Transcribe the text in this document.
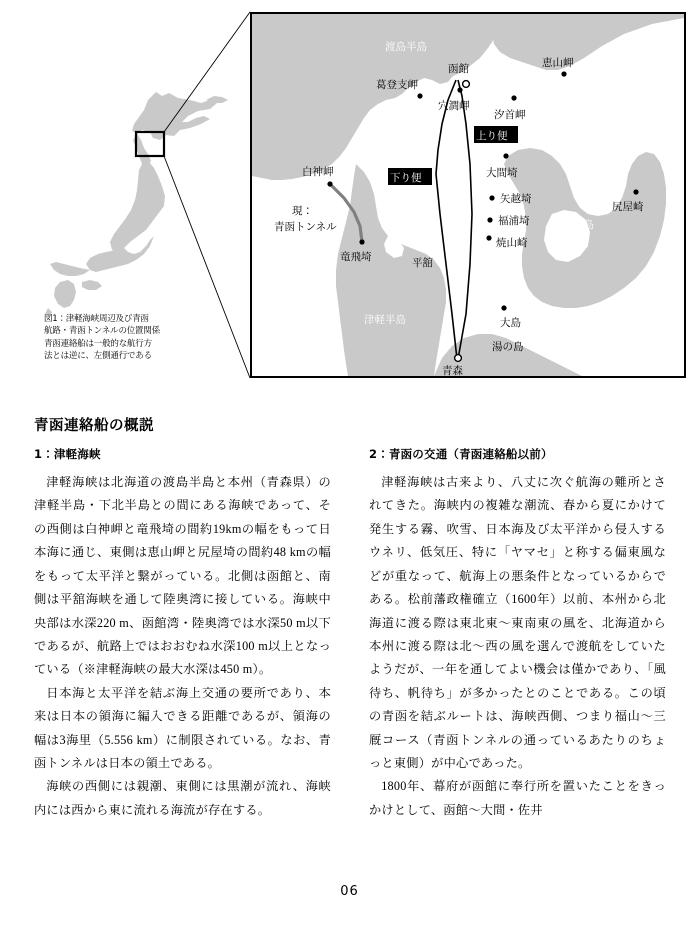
渡島半島
下北半島
津軽半島
葛登支岬
穴澗岬
汐首岬
恵山岬
白神岬
竜飛埼	平舘
大間埼
矢越埼
福浦埼
焼山崎
尻屋崎
大島
湯の島
函館
青森
現：
青函トンネル
上り便
下り便
図1：津軽海峡周辺及び青函
航路・青函トンネルの位置関係
青函連絡船は一般的な航行方
法とは逆に、左側通行である
青函連絡船の概説
1：津軽海峡

津軽海峡は北海道の渡島半島と本州（青森県）の津軽半島・下北半島との間にある海峡であって、その西側は白神岬と竜飛埼の間約19kmの幅をもって日本海に通じ、東側は恵山岬と尻屋埼の間約48 kmの幅をもって太平洋と繋がっている。北側は函館と、南側は平舘海峡を通して陸奥湾に接している。海峡中央部は水深220 m、函館湾・陸奥湾では水深50 m以下であるが、航路上ではおおむね水深100 m以上となっている（※津軽海峡の最大水深は450 m）。

日本海と太平洋を結ぶ海上交通の要所であり、本来は日本の領海に編入できる距離であるが、領海の幅は3海里（5.556 km）に制限されている。なお、青函トンネルは日本の領土である。

海峡の西側には親潮、東側には黒潮が流れ、海峡内には西から東に流れる海流が存在する。

2：青函の交通（青函連絡船以前）

津軽海峡は古来より、八丈に次ぐ航海の難所とされてきた。海峡内の複雑な潮流、春から夏にかけて発生する霧、吹雪、日本海及び太平洋から侵入するウネリ、低気圧、特に「ヤマセ」と称する偏東風などが重なって、航海上の悪条件となっているからである。松前藩政権確立（1600年）以前、本州から北海道に渡る際は東北東～東南東の風を、北海道から本州に渡る際は北～西の風を選んで渡航をしていたようだが、一年を通してよい機会は僅かであり、「風待ち、帆待ち」が多かったとのことである。この頃の青函を結ぶルートは、海峡西側、つまり福山～三厩コース（青函トンネルの通っているあたりのちょっと東側）が中心であった。

1800年、幕府が函館に奉行所を置いたことをきっかけとして、函館～大間・佐井

06
